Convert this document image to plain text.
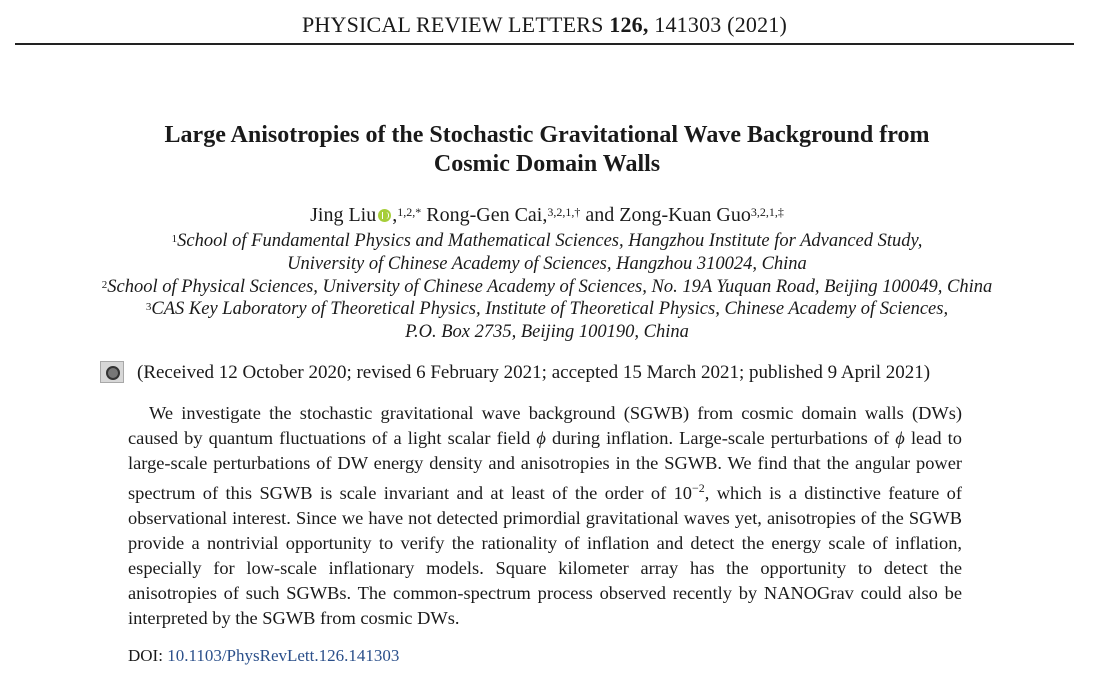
PHYSICAL REVIEW LETTERS 126, 141303 (2021)
Large Anisotropies of the Stochastic Gravitational Wave Background from
Cosmic Domain Walls
Jing Liu ,$^{1,2,*}$ Rong-Gen Cai,$^{3,2,1,\dagger}$ and Zong-Kuan Guo$^{3,2,1,\ddagger}$
$^1$School of Fundamental Physics and Mathematical Sciences, Hangzhou Institute for Advanced Study,
University of Chinese Academy of Sciences, Hangzhou 310024, China
$^2$School of Physical Sciences, University of Chinese Academy of Sciences, No. 19A Yuquan Road, Beijing 100049, China
$^3$CAS Key Laboratory of Theoretical Physics, Institute of Theoretical Physics, Chinese Academy of Sciences,
P.O. Box 2735, Beijing 100190, China
(Received 12 October 2020; revised 6 February 2021; accepted 15 March 2021; published 9 April 2021)
We investigate the stochastic gravitational wave background (SGWB) from cosmic domain walls (DWs) caused by quantum fluctuations of a light scalar field ϕ during inflation. Large-scale perturbations of ϕ lead to large-scale perturbations of DW energy density and anisotropies in the SGWB. We find that the angular power spectrum of this SGWB is scale invariant and at least of the order of $10^{-2}$, which is a distinctive feature of observational interest. Since we have not detected primordial gravitational waves yet, anisotropies of the SGWB provide a nontrivial opportunity to verify the rationality of inflation and detect the energy scale of inflation, especially for low-scale inflationary models. Square kilometer array has the opportunity to detect the anisotropies of such SGWBs. The common-spectrum process observed recently by NANOGrav could also be interpreted by the SGWB from cosmic DWs.
DOI: 10.1103/PhysRevLett.126.141303
